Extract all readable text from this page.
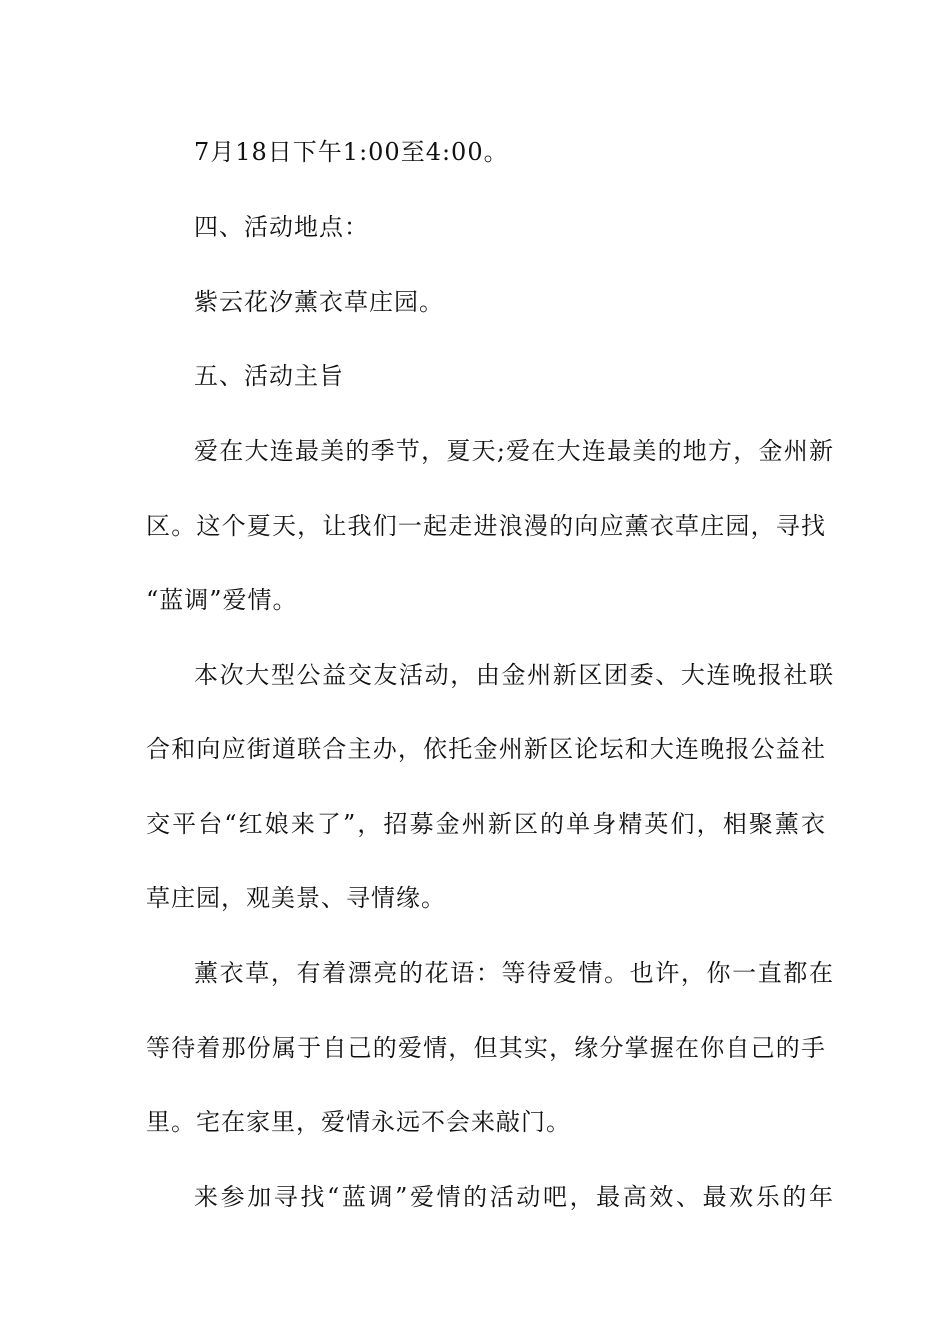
7月18日下午1:00至4:00。
四、活动地点：
紫云花汐薰衣草庄园。
五、活动主旨
爱在大连最美的季节，夏天;爱在大连最美的地方，金州新
区。这个夏天，让我们一起走进浪漫的向应薰衣草庄园，寻找
“蓝调”爱情。
本次大型公益交友活动，由金州新区团委、大连晚报社联
合和向应街道联合主办，依托金州新区论坛和大连晚报公益社
交平台“红娘来了”，招募金州新区的单身精英们，相聚薰衣
草庄园，观美景、寻情缘。
薰衣草，有着漂亮的花语：等待爱情。也许，你一直都在
等待着那份属于自己的爱情，但其实，缘分掌握在你自己的手
里。宅在家里，爱情永远不会来敲门。
来参加寻找“蓝调”爱情的活动吧，最高效、最欢乐的年
